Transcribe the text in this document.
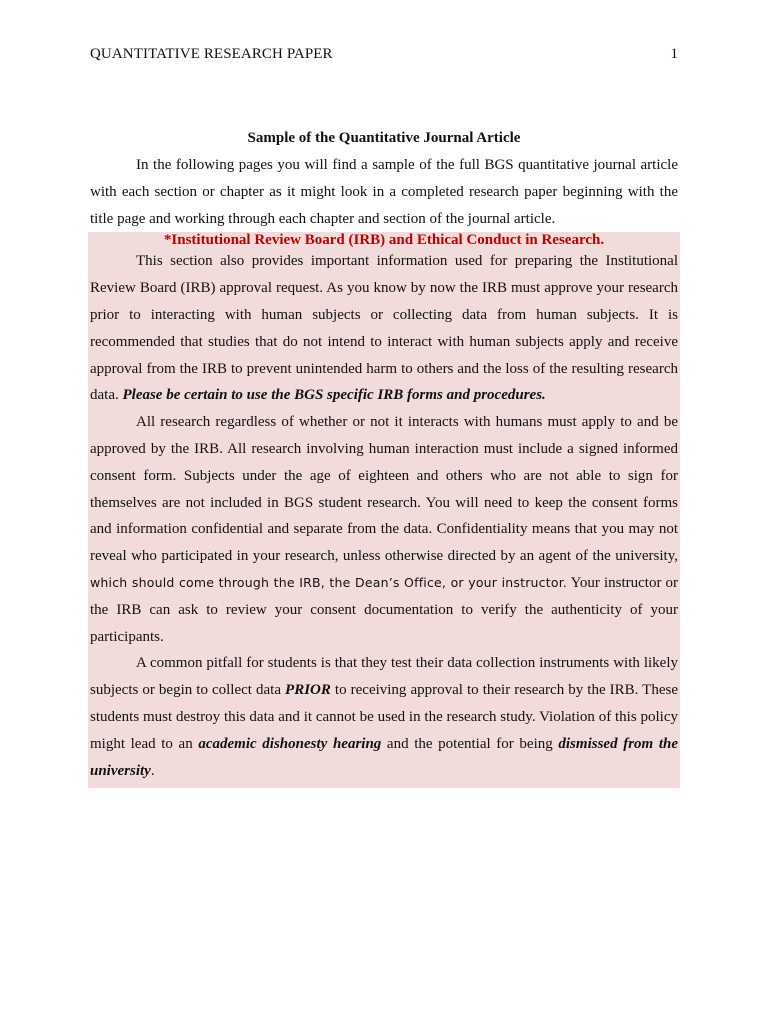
QUANTITATIVE RESEARCH PAPER	1
Sample of the Quantitative Journal Article

In the following pages you will find a sample of the full BGS quantitative journal article with each section or chapter as it might look in a completed research paper beginning with the title page and working through each chapter and section of the journal article.

*Institutional Review Board (IRB) and Ethical Conduct in Research.

This section also provides important information used for preparing the Institutional Review Board (IRB) approval request. As you know by now the IRB must approve your research prior to interacting with human subjects or collecting data from human subjects. It is recommended that studies that do not intend to interact with human subjects apply and receive approval from the IRB to prevent unintended harm to others and the loss of the resulting research data. Please be certain to use the BGS specific IRB forms and procedures.

All research regardless of whether or not it interacts with humans must apply to and be approved by the IRB. All research involving human interaction must include a signed informed consent form. Subjects under the age of eighteen and others who are not able to sign for themselves are not included in BGS student research. You will need to keep the consent forms and information confidential and separate from the data. Confidentiality means that you may not reveal who participated in your research, unless otherwise directed by an agent of the university, which should come through the IRB, the Dean’s Office, or your instructor. Your instructor or the IRB can ask to review your consent documentation to verify the authenticity of your participants.

A common pitfall for students is that they test their data collection instruments with likely subjects or begin to collect data PRIOR to receiving approval to their research by the IRB. These students must destroy this data and it cannot be used in the research study. Violation of this policy might lead to an academic dishonesty hearing and the potential for being dismissed from the university.
